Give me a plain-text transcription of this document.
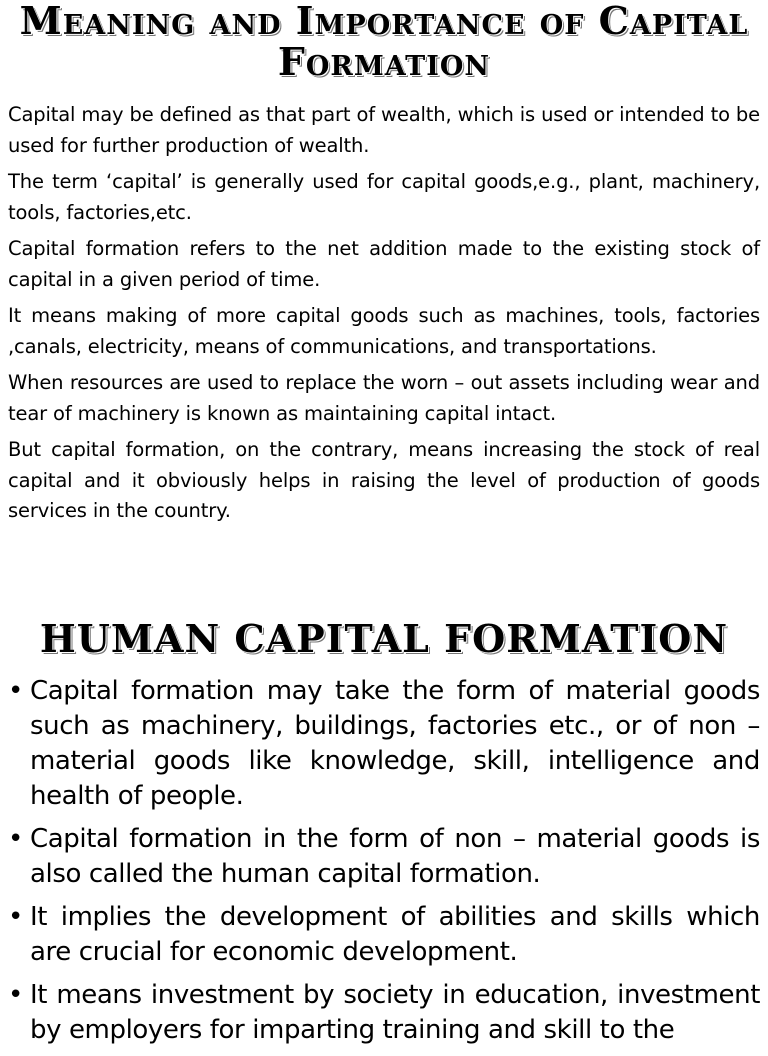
Meaning and Importance of Capital Formation

Capital may be defined as that part of wealth, which is used or intended to be used for further production of wealth.

The term ‘capital’ is generally used for capital goods,e.g., plant, machinery, tools, factories,etc.

Capital formation refers to the net addition made to the existing stock of capital in a given period of time.

It means making of more capital goods such as machines, tools, factories ,canals, electricity, means of communications, and transportations.

When resources are used to replace the worn – out assets including wear and tear of machinery is known as maintaining capital intact.

But capital formation, on the contrary, means increasing the stock of real capital and it obviously helps in raising the level of production of goods services in the country.

HUMAN CAPITAL FORMATION
• Capital formation may take the form of material goods such as machinery, buildings, factories etc., or of non – material goods like knowledge, skill, intelligence and health of people.
• Capital formation in the form of non – material goods is also called the human capital formation.
• It implies the development of abilities and skills which are crucial for economic development.
• It means investment by society in education, investment by employers for imparting training and skill to the
